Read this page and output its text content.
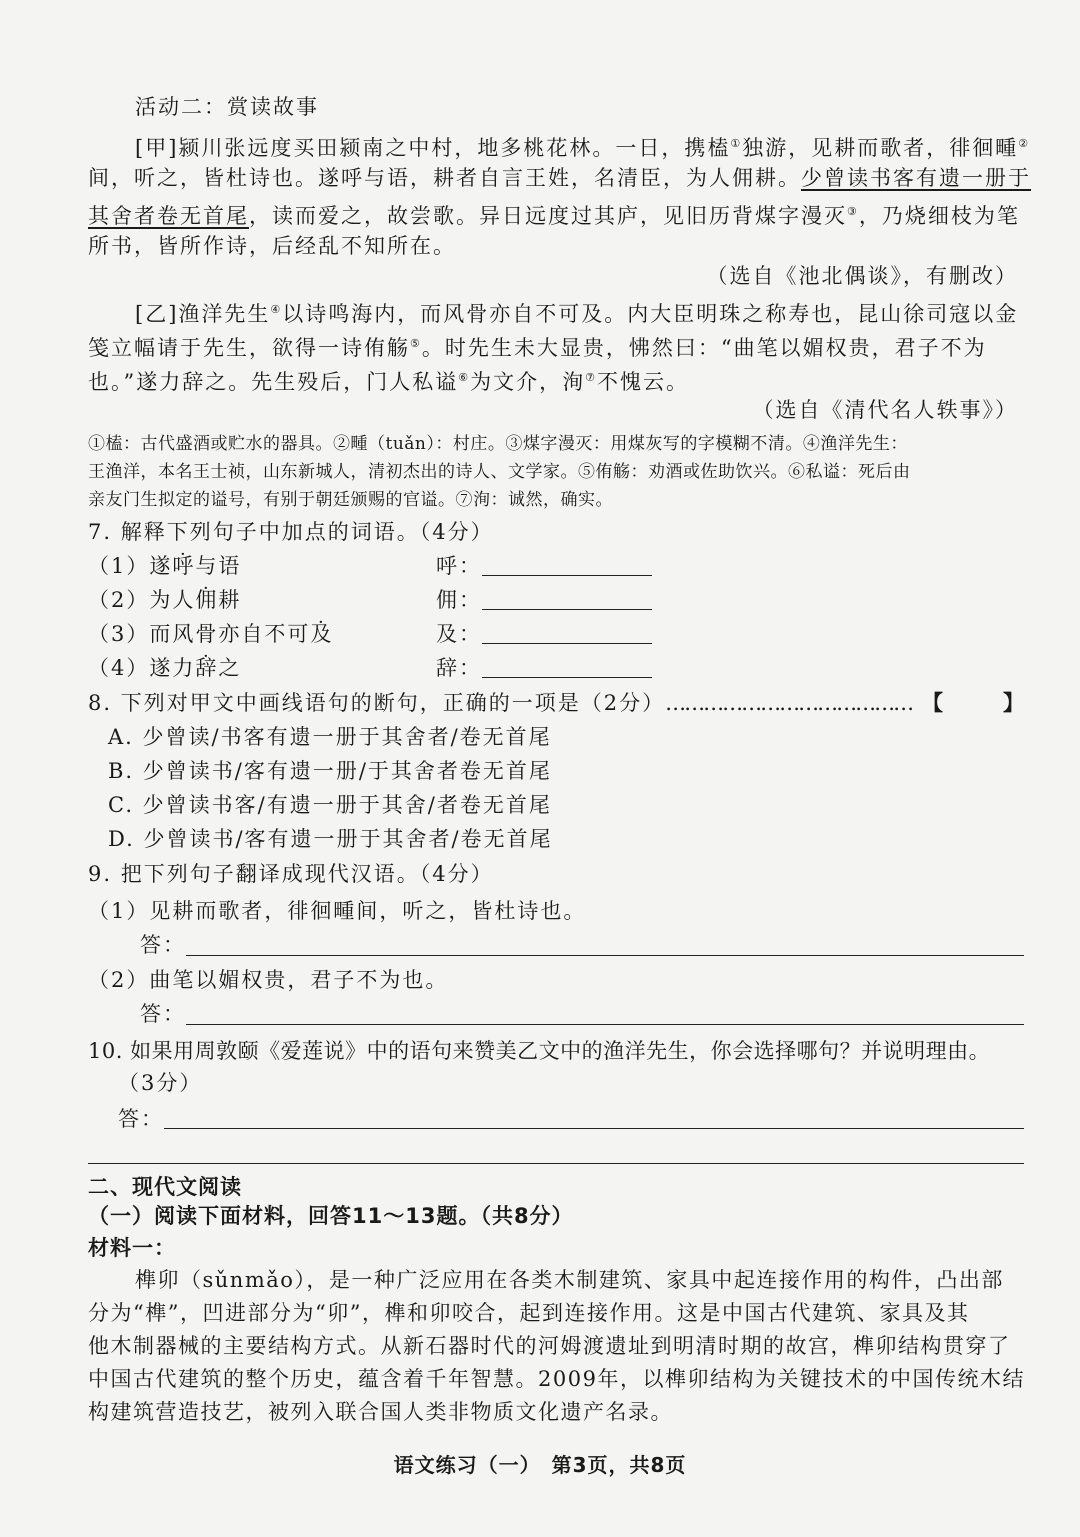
活动二：赏读故事
[甲]颍川张远度买田颍南之中村，地多桃花林。一日，携榼①独游，见耕而歌者，徘徊畽②
间，听之，皆杜诗也。遂呼与语，耕者自言王姓，名清臣，为人佣耕。少曾读书客有遗一册于
其舍者卷无首尾，读而爱之，故尝歌。异日远度过其庐，见旧历背煤字漫灭③，乃烧细枝为笔
所书，皆所作诗，后经乱不知所在。
（选自《池北偶谈》，有删改）
[乙]渔洋先生④以诗鸣海内，而风骨亦自不可及。内大臣明珠之称寿也，昆山徐司寇以金
笺立幅请于先生，欲得一诗侑觞⑤。时先生未大显贵，怫然曰：“曲笔以媚权贵，君子不为
也。”遂力辞之。先生殁后，门人私谥⑥为文介，洵⑦不愧云。
（选自《清代名人轶事》）
①榼：古代盛酒或贮水的器具。②畽（tuǎn）：村庄。③煤字漫灭：用煤灰写的字模糊不清。④渔洋先生：
王渔洋，本名王士祯，山东新城人，清初杰出的诗人、文学家。⑤侑觞：劝酒或佐助饮兴。⑥私谥：死后由
亲友门生拟定的谥号，有别于朝廷颁赐的官谥。⑦洵：诚然，确实。
7. 解释下列句子中加点的词语。（4分）
（1）遂呼与语	呼：
（2）为人佣耕	佣：
（3）而风骨亦自不可及	及：
（4）遂力辞之	辞：
8. 下列对甲文中画线语句的断句，正确的一项是（2分）………………………………… 【	】
A. 少曾读/书客有遗一册于其舍者/卷无首尾
B. 少曾读书/客有遗一册/于其舍者卷无首尾
C. 少曾读书客/有遗一册于其舍/者卷无首尾
D. 少曾读书/客有遗一册于其舍者/卷无首尾
9. 把下列句子翻译成现代汉语。（4分）
（1）见耕而歌者，徘徊畽间，听之，皆杜诗也。
答：
（2）曲笔以媚权贵，君子不为也。
答：
10. 如果用周敦颐《爱莲说》中的语句来赞美乙文中的渔洋先生，你会选择哪句？并说明理由。
（3分）
答：
二、现代文阅读
（一）阅读下面材料，回答11～13题。（共8分）
材料一：
榫卯（sǔnmǎo），是一种广泛应用在各类木制建筑、家具中起连接作用的构件，凸出部
分为“榫”，凹进部分为“卯”，榫和卯咬合，起到连接作用。这是中国古代建筑、家具及其
他木制器械的主要结构方式。从新石器时代的河姆渡遗址到明清时期的故宫，榫卯结构贯穿了
中国古代建筑的整个历史，蕴含着千年智慧。2009年，以榫卯结构为关键技术的中国传统木结
构建筑营造技艺，被列入联合国人类非物质文化遗产名录。
语文练习（一）　第3页，共8页
